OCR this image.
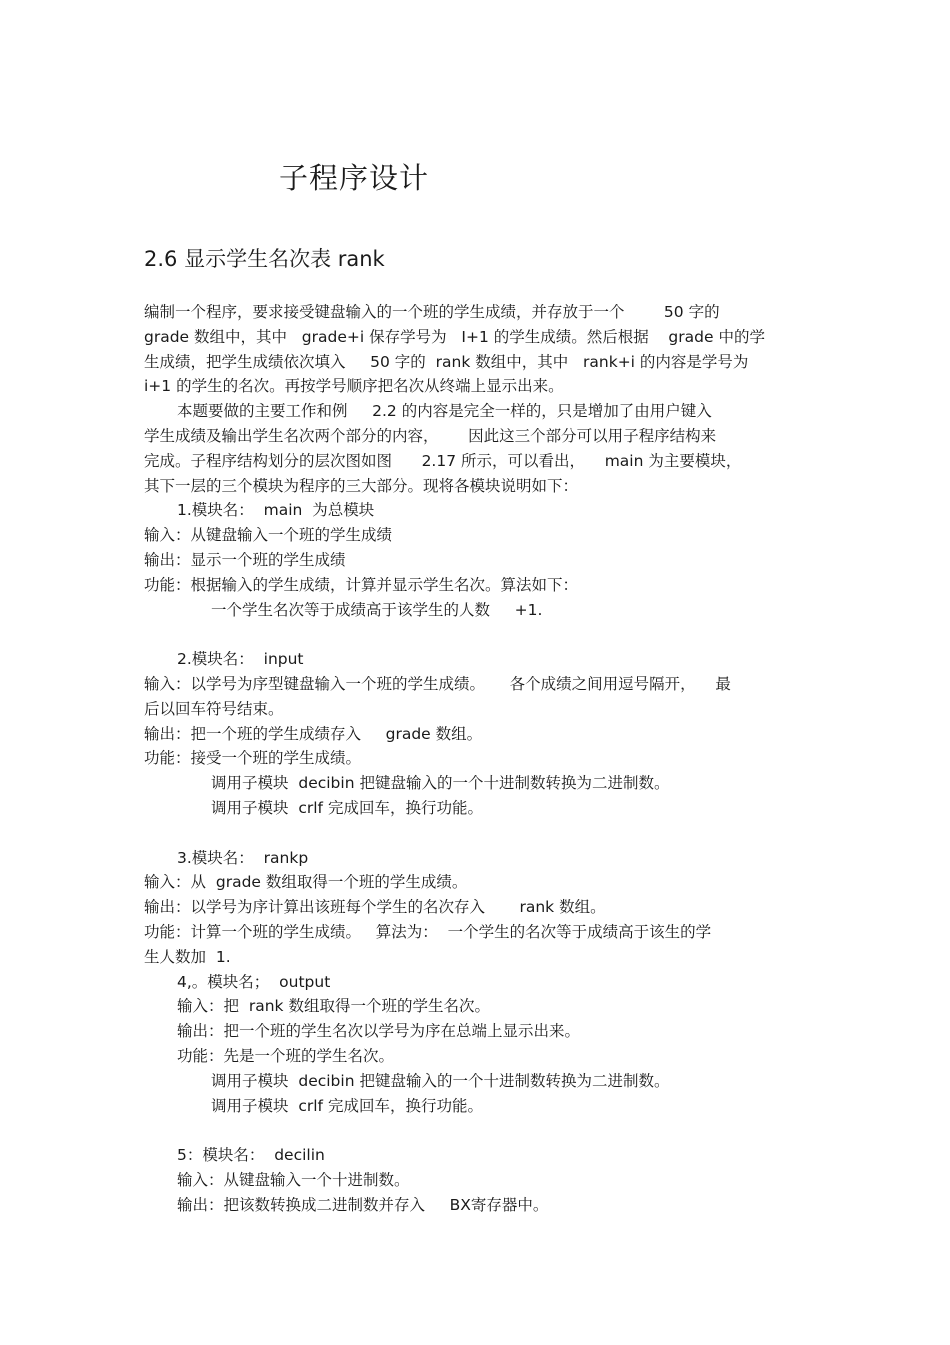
子程序设计
2.6 显示学生名次表 rank
编制一个程序，要求接受键盘输入的一个班的学生成绩，并存放于一个        50 字的
grade 数组中，其中   grade+i 保存学号为   I+1 的学生成绩。然后根据    grade 中的学
生成绩，把学生成绩依次填入     50 字的  rank 数组中，其中   rank+i 的内容是学号为
i+1 的学生的名次。再按学号顺序把名次从终端上显示出来。
本题要做的主要工作和例     2.2 的内容是完全一样的，只是增加了由用户键入
学生成绩及输出学生名次两个部分的内容，      因此这三个部分可以用子程序结构来
完成。子程序结构划分的层次图如图      2.17 所示，可以看出，    main 为主要模块，
其下一层的三个模块为程序的三大部分。现将各模块说明如下：
1.模块名：  main  为总模块
输入：从键盘输入一个班的学生成绩
输出：显示一个班的学生成绩
功能：根据输入的学生成绩，计算并显示学生名次。算法如下：
一个学生名次等于成绩高于该学生的人数     +1.
2.模块名：  input
输入：以学号为序型键盘输入一个班的学生成绩。     各个成绩之间用逗号隔开，    最
后以回车符号结束。
输出：把一个班的学生成绩存入     grade 数组。
功能：接受一个班的学生成绩。
调用子模块  decibin 把键盘输入的一个十进制数转换为二进制数。
调用子模块  crlf 完成回车，换行功能。
3.模块名：  rankp
输入：从  grade 数组取得一个班的学生成绩。
输出：以学号为序计算出该班每个学生的名次存入       rank 数组。
功能：计算一个班的学生成绩。   算法为：  一个学生的名次等于成绩高于该生的学
生人数加  1.
4,。模块名；  output
输入：把  rank 数组取得一个班的学生名次。
输出：把一个班的学生名次以学号为序在总端上显示出来。
功能：先是一个班的学生名次。
调用子模块  decibin 把键盘输入的一个十进制数转换为二进制数。
调用子模块  crlf 完成回车，换行功能。
5：模块名：  decilin
输入：从键盘输入一个十进制数。
输出：把该数转换成二进制数并存入     BX寄存器中。
